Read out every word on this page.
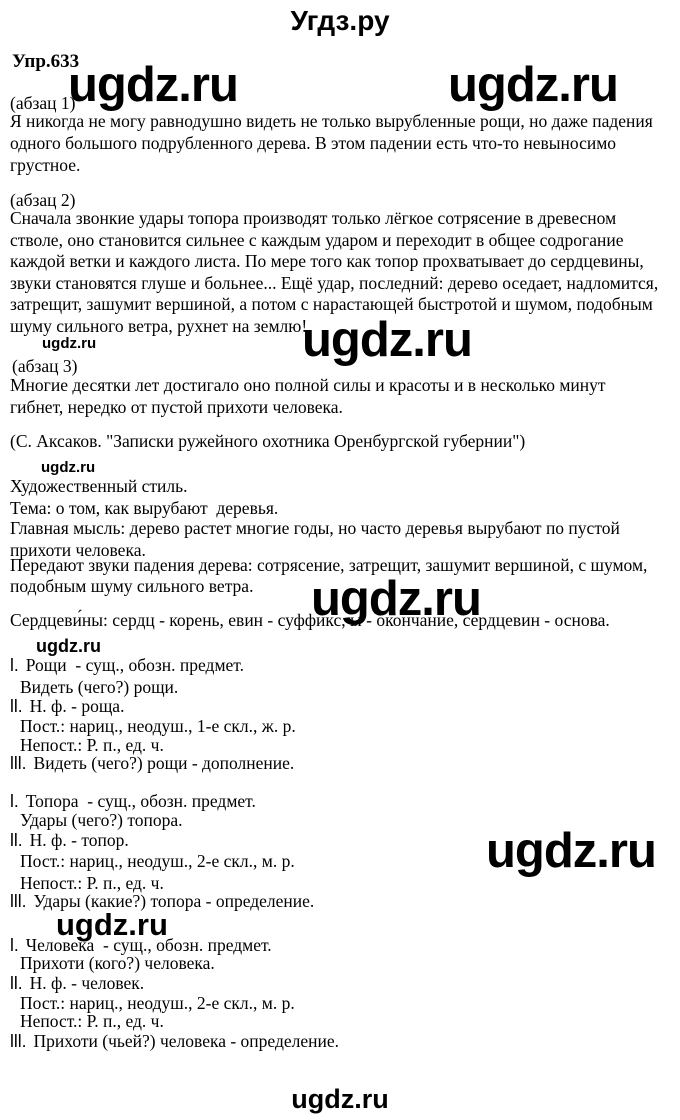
Угдз.ру
Упр.633
ugdz.ru	ugdz.ru
ugdz.ru
ugdz.ru
ugdz.ru
ugdz.ru
ugdz.ru
ugdz.ru
ugdz.ru
ugdz.ru
(абзац 1)
Я никогда не могу равнодушно видеть не только вырубленные рощи, но даже падения
одного большого подрубленного дерева. В этом падении есть что-то невыносимо
грустное.
(абзац 2)
Сначала звонкие удары топора производят только лёгкое сотрясение в древесном
стволе, оно становится сильнее с каждым ударом и переходит в общее содрогание
каждой ветки и каждого листа. По мере того как топор прохватывает до сердцевины,
звуки становятся глуше и больнее... Ещё удар, последний: дерево оседает, надломится,
затрещит, зашумит вершиной, а потом с нарастающей быстротой и шумом, подобным
шуму сильного ветра, рухнет на землю!
(абзац 3)
Многие десятки лет достигало оно полной силы и красоты и в несколько минут
гибнет, нередко от пустой прихоти человека.
(С. Аксаков. "Записки ружейного охотника Оренбургской губернии")
Художественный стиль.
Тема: о том, как вырубают  деревья.
Главная мысль: дерево растет многие годы, но часто деревья вырубают по пустой
прихоти человека.
Передают звуки падения дерева: сотрясение, затрещит, зашумит вершиной, с шумом,
подобным шуму сильного ветра.
Сердцеви́ны: сердц - корень, евин - суффикс, ы - окончание, сердцевин - основа.
l. Рощи  - сущ., обозн. предмет.
Видеть (чего?) рощи.
ll. Н. ф. - роща.
Пост.: нариц., неодуш., 1-е скл., ж. р.
Непост.: Р. п., ед. ч.
lll. Видеть (чего?) рощи - дополнение.
l. Топора  - сущ., обозн. предмет.
Удары (чего?) топора.
ll. Н. ф. - топор.
Пост.: нариц., неодуш., 2-е скл., м. р.
Непост.: Р. п., ед. ч.
lll. Удары (какие?) топора - определение.
l. Человека  - сущ., обозн. предмет.
Прихоти (кого?) человека.
ll. Н. ф. - человек.
Пост.: нариц., неодуш., 2-е скл., м. р.
Непост.: Р. п., ед. ч.
lll. Прихоти (чьей?) человека - определение.
